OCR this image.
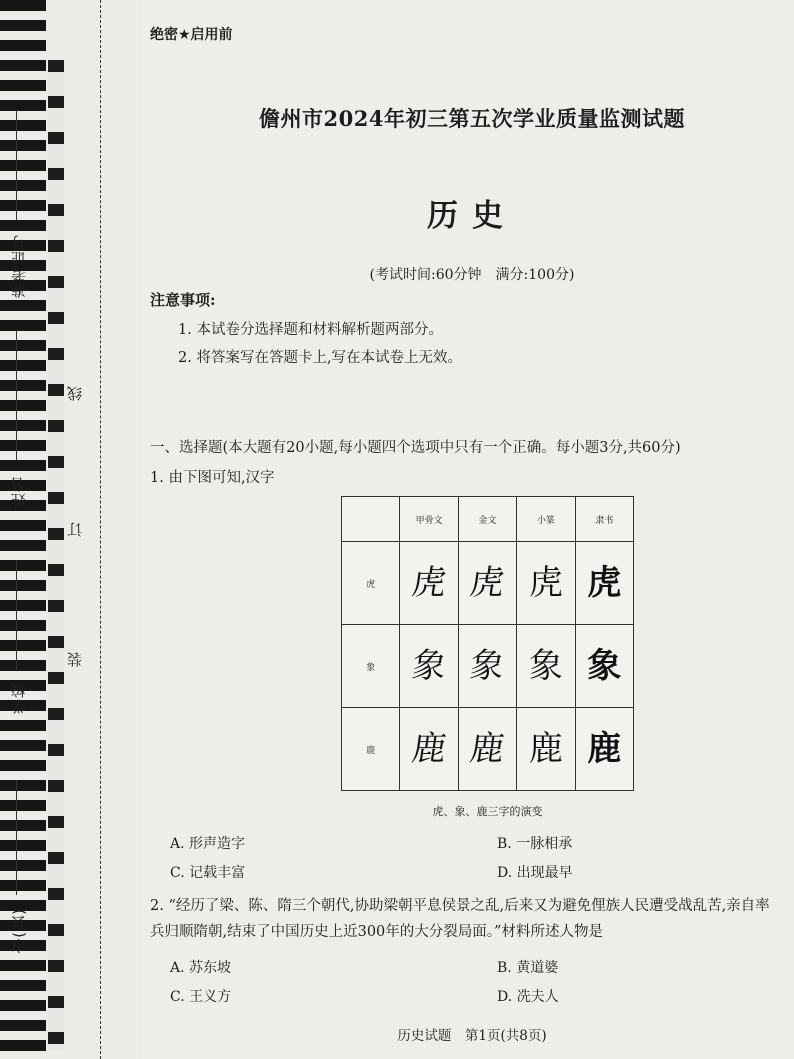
准考证号
姓名
学校
市(县)
线
订
装
绝密★启用前
儋州市2024年初三第五次学业质量监测试题
历史
(考试时间:60分钟　满分:100分)
注意事项:
1. 本试卷分选择题和材料解析题两部分。
2. 将答案写在答题卡上,写在本试卷上无效。
一、选择题(本大题有20小题,每小题四个选项中只有一个正确。每小题3分,共60分)
1. 由下图可知,汉字
	甲骨文	金文	小篆	隶书
虎	虎	虎	虎	虎
象	象	象	象	象
鹿	鹿	鹿	鹿	鹿
虎、象、鹿三字的演变
A. 形声造字	B. 一脉相承
C. 记载丰富	D. 出现最早
2. “经历了梁、陈、隋三个朝代,协助梁朝平息侯景之乱,后来又为避免俚族人民遭受战乱苦,亲自率兵归顺隋朝,结束了中国历史上近300年的大分裂局面。”材料所述人物是
A. 苏东坡	B. 黄道婆
C. 王义方	D. 冼夫人
历史试题　第1页(共8页)
